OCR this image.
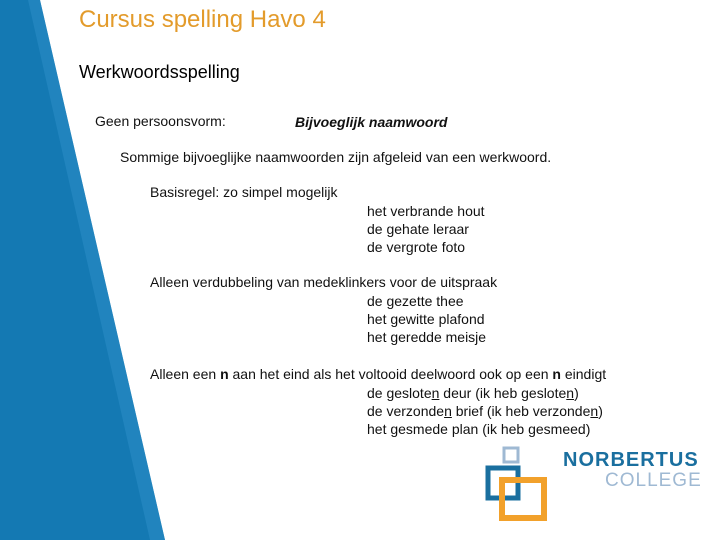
Cursus spelling Havo 4
Werkwoordsspelling
Geen persoonsvorm:	Bijvoeglijk naamwoord
Sommige bijvoeglijke naamwoorden zijn afgeleid van een werkwoord.
Basisregel: zo simpel mogelijk
het verbrande hout
de gehate leraar
de vergrote foto
Alleen verdubbeling van medeklinkers voor de uitspraak
de gezette thee
het gewitte plafond
het geredde meisje
Alleen een n aan het eind als het voltooid deelwoord ook op een n eindigt
de gesloten deur (ik heb gesloten)
de verzonden brief (ik heb verzonden)
het gesmede plan (ik heb gesmeed)
NORBERTUS
COLLEGE
